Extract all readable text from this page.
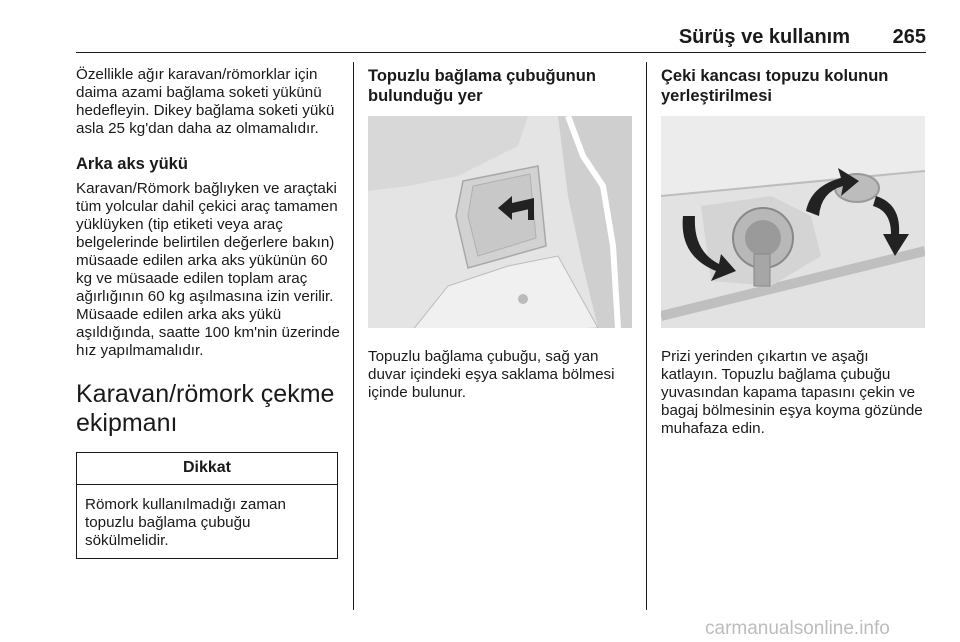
Sürüş ve kullanım	265

Özellikle ağır karavan/römorklar için daima azami bağlama soketi yükünü hedefleyin. Dikey bağlama soketi yükü asla 25 kg'dan daha az olmamalıdır.

Arka aks yükü

Karavan/Römork bağlıyken ve araçtaki tüm yolcular dahil çekici araç tamamen yüklüyken (tip etiketi veya araç belgelerinde belirtilen değerlere bakın) müsaade edilen arka aks yükünün 60 kg ve müsaade edilen toplam araç ağırlığının 60 kg aşılmasına izin verilir. Müsaade edilen arka aks yükü aşıldığında, saatte 100 km'nin üzerinde hız yapılmamalıdır.

Karavan/römork çekme ekipmanı
Dikkat
Römork kullanılmadığı zaman topuzlu bağlama çubuğu sökülmelidir.
Topuzlu bağlama çubuğunun bulunduğu yer

Topuzlu bağlama çubuğu, sağ yan duvar içindeki eşya saklama bölmesi içinde bulunur.

Çeki kancası topuzu kolunun yerleştirilmesi

Prizi yerinden çıkartın ve aşağı katlayın. Topuzlu bağlama çubuğu yuvasından kapama tapasını çekin ve bagaj bölmesinin eşya koyma gözünde muhafaza edin.

carmanualsonline.info
